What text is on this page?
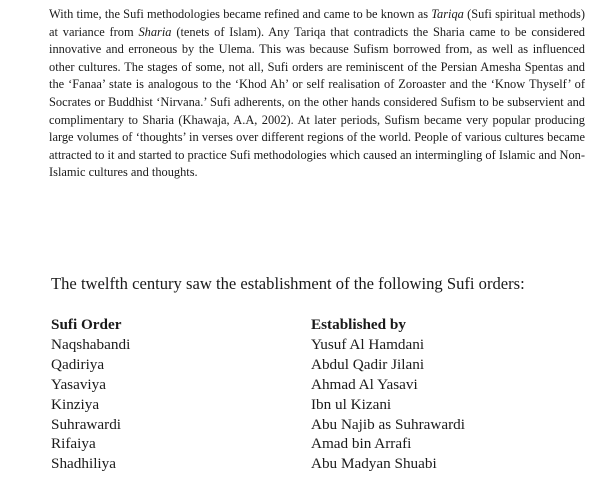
With time, the Sufi methodologies became refined and came to be known as Tariqa (Sufi spiritual methods) at variance from Sharia (tenets of Islam). Any Tariqa that contradicts the Sharia came to be considered innovative and erroneous by the Ulema. This was because Sufism borrowed from, as well as influenced other cultures. The stages of some, not all, Sufi orders are reminiscent of the Persian Amesha Spentas and the ‘Fanaa’ state is analogous to the ‘Khod Ah’ or self realisation of Zoroaster and the ‘Know Thyself’ of Socrates or Buddhist ‘Nirvana.’ Sufi adherents, on the other hands considered Sufism to be subservient and complimentary to Sharia (Khawaja, A.A, 2002). At later periods, Sufism became very popular producing large volumes of ‘thoughts’ in verses over different regions of the world. People of various cultures became attracted to it and started to practice Sufi methodologies which caused an intermingling of Islamic and Non-Islamic cultures and thoughts.

The twelfth century saw the establishment of the following Sufi orders:

Sufi Order
Naqshabandi
Qadiriya
Yasaviya
Kinziya
Suhrawardi
Rifaiya
Shadhiliya
Established by
Yusuf Al Hamdani
Abdul Qadir Jilani
Ahmad Al Yasavi
Ibn ul Kizani
Abu Najib as Suhrawardi
Amad bin Arrafi
Abu Madyan Shuabi
